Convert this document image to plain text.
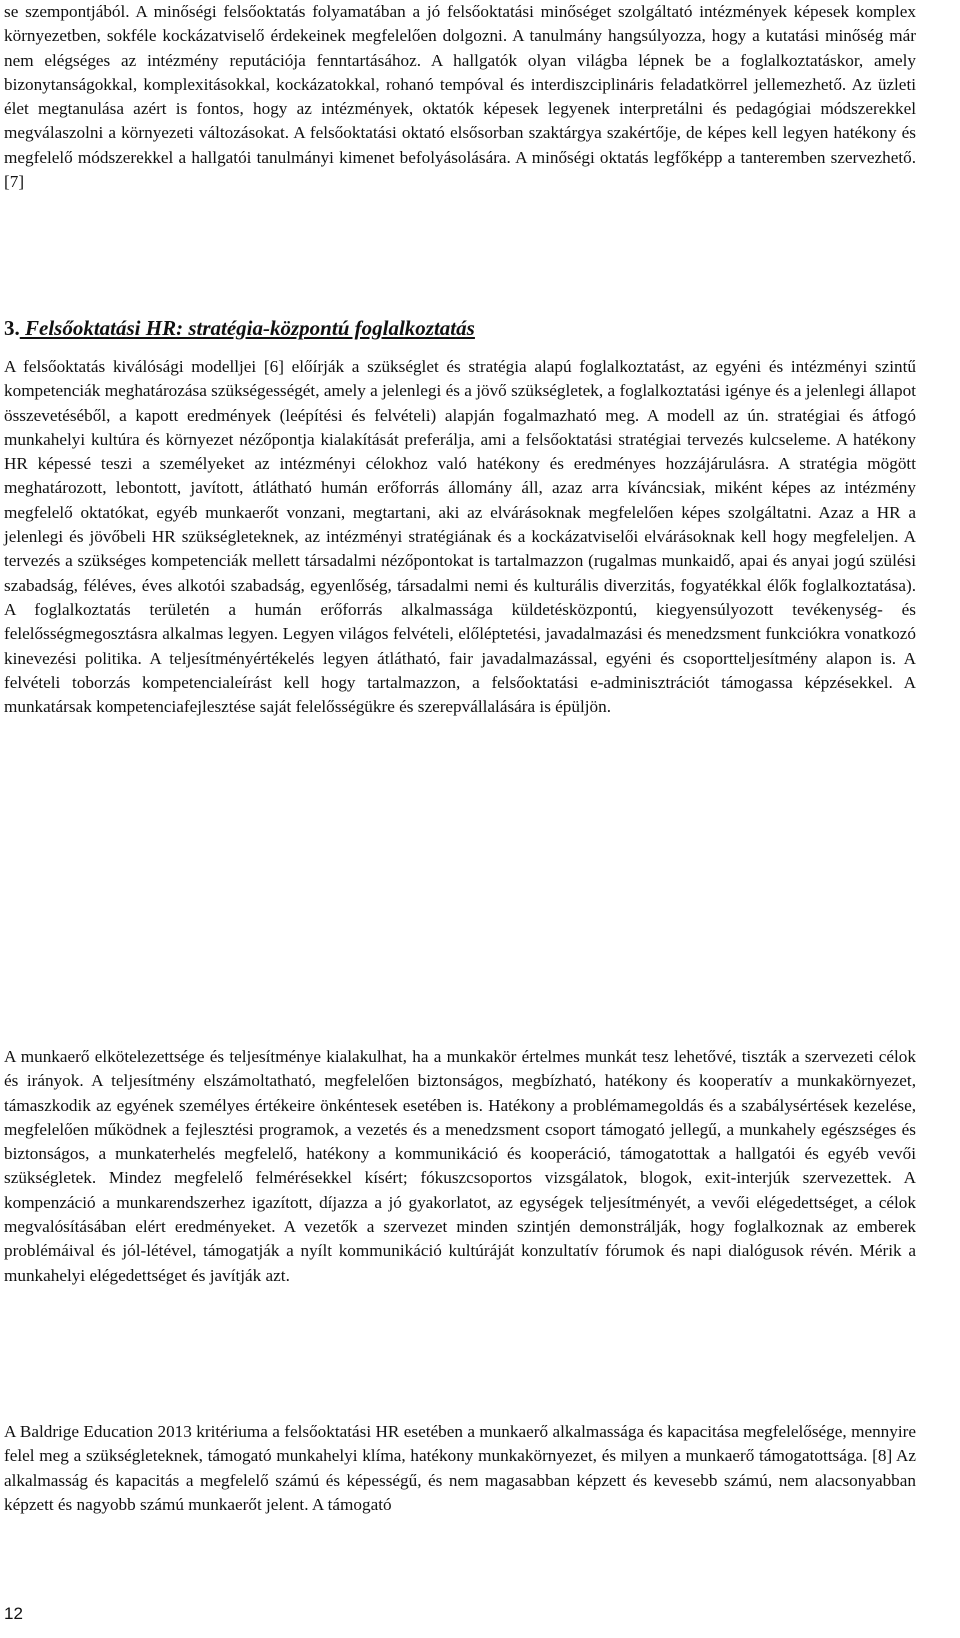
se szempontjából. A minőségi felsőoktatás folyamatában a jó felsőoktatási minőséget szolgáltató intézmények képesek komplex környezetben, sokféle kockázatviselő érdekeinek megfelelően dolgozni. A tanulmány hangsúlyozza, hogy a kutatási minőség már nem elégséges az intézmény reputációja fenntartásához. A hallgatók olyan világba lépnek be a foglalkoztatáskor, amely bizonytanságokkal, komplexitásokkal, kockázatokkal, rohanó tempóval és interdiszciplináris feladatkörrel jellemezhető. Az üzleti élet megtanulása azért is fontos, hogy az intézmények, oktatók képesek legyenek interpretálni és pedagógiai módszerekkel megválaszolni a környezeti változásokat. A felsőoktatási oktató elsősorban szaktárgya szakértője, de képes kell legyen hatékony és megfelelő módszerekkel a hallgatói tanulmányi kimenet befolyásolására. A minőségi oktatás legfőképp a tanteremben szervezhető. [7]

3. Felsőoktatási HR: stratégia-központú foglalkoztatás

A felsőoktatás kiválósági modelljei [6] előírják a szükséglet és stratégia alapú foglalkoztatást, az egyéni és intézményi szintű kompetenciák meghatározása szükségességét, amely a jelenlegi és a jövő szükségletek, a foglalkoztatási igénye és a jelenlegi állapot összevetéséből, a kapott eredmények (leépítési és felvételi) alapján fogalmazható meg. A modell az ún. stratégiai és átfogó munkahelyi kultúra és környezet nézőpontja kialakítását preferálja, ami a felsőoktatási stratégiai tervezés kulcseleme. A hatékony HR képessé teszi a személyeket az intézményi célokhoz való hatékony és eredményes hozzájárulásra. A stratégia mögött meghatározott, lebontott, javított, átlátható humán erőforrás állomány áll, azaz arra kíváncsiak, miként képes az intézmény megfelelő oktatókat, egyéb munkaerőt vonzani, megtartani, aki az elvárásoknak megfelelően képes szolgáltatni. Azaz a HR a jelenlegi és jövőbeli HR szükségleteknek, az intézményi stratégiának és a kockázatviselői elvárásoknak kell hogy megfeleljen. A tervezés a szükséges kompetenciák mellett társadalmi nézőpontokat is tartalmazzon (rugalmas munkaidő, apai és anyai jogú szülési szabadság, féléves, éves alkotói szabadság, egyenlőség, társadalmi nemi és kulturális diverzitás, fogyatékkal élők foglalkoztatása). A foglalkoztatás területén a humán erőforrás alkalmassága küldetésközpontú, kiegyensúlyozott tevékenység- és felelősségmegosztásra alkalmas legyen. Legyen világos felvételi, előléptetési, javadalmazási és menedzsment funkciókra vonatkozó kinevezési politika. A teljesítményértékelés legyen átlátható, fair javadalmazással, egyéni és csoportteljesítmény alapon is. A felvételi toborzás kompetencialeírást kell hogy tartalmazzon, a felsőoktatási e-adminisztrációt támogassa képzésekkel. A munkatársak kompetenciafejlesztése saját felelősségükre és szerepvállalására is épüljön.

A munkaerő elkötelezettsége és teljesítménye kialakulhat, ha a munkakör értelmes munkát tesz lehetővé, tiszták a szervezeti célok és irányok. A teljesítmény elszámoltatható, megfelelően biztonságos, megbízható, hatékony és kooperatív a munkakörnyezet, támaszkodik az egyének személyes értékeire önkéntesek esetében is. Hatékony a problémamegoldás és a szabálysértések kezelése, megfelelően működnek a fejlesztési programok, a vezetés és a menedzsment csoport támogató jellegű, a munkahely egészséges és biztonságos, a munkaterhelés megfelelő, hatékony a kommunikáció és kooperáció, támogatottak a hallgatói és egyéb vevői szükségletek. Mindez megfelelő felmérésekkel kísért; fókuszcsoportos vizsgálatok, blogok, exit-interjúk szervezettek. A kompenzáció a munkarendszerhez igazított, díjazza a jó gyakorlatot, az egységek teljesítményét, a vevői elégedettséget, a célok megvalósításában elért eredményeket. A vezetők a szervezet minden szintjén demonstrálják, hogy foglalkoznak az emberek problémáival és jól-létével, támogatják a nyílt kommunikáció kultúráját konzultatív fórumok és napi dialógusok révén. Mérik a munkahelyi elégedettséget és javítják azt.

A Baldrige Education 2013 kritériuma a felsőoktatási HR esetében a munkaerő alkalmassága és kapacitása megfelelősége, mennyire felel meg a szükségleteknek, támogató munkahelyi klíma, hatékony munkakörnyezet, és milyen a munkaerő támogatottsága. [8] Az alkalmasság és kapacitás a megfelelő számú és képességű, és nem magasabban képzett és kevesebb számú, nem alacsonyabban képzett és nagyobb számú munkaerőt jelent. A támogató

12
